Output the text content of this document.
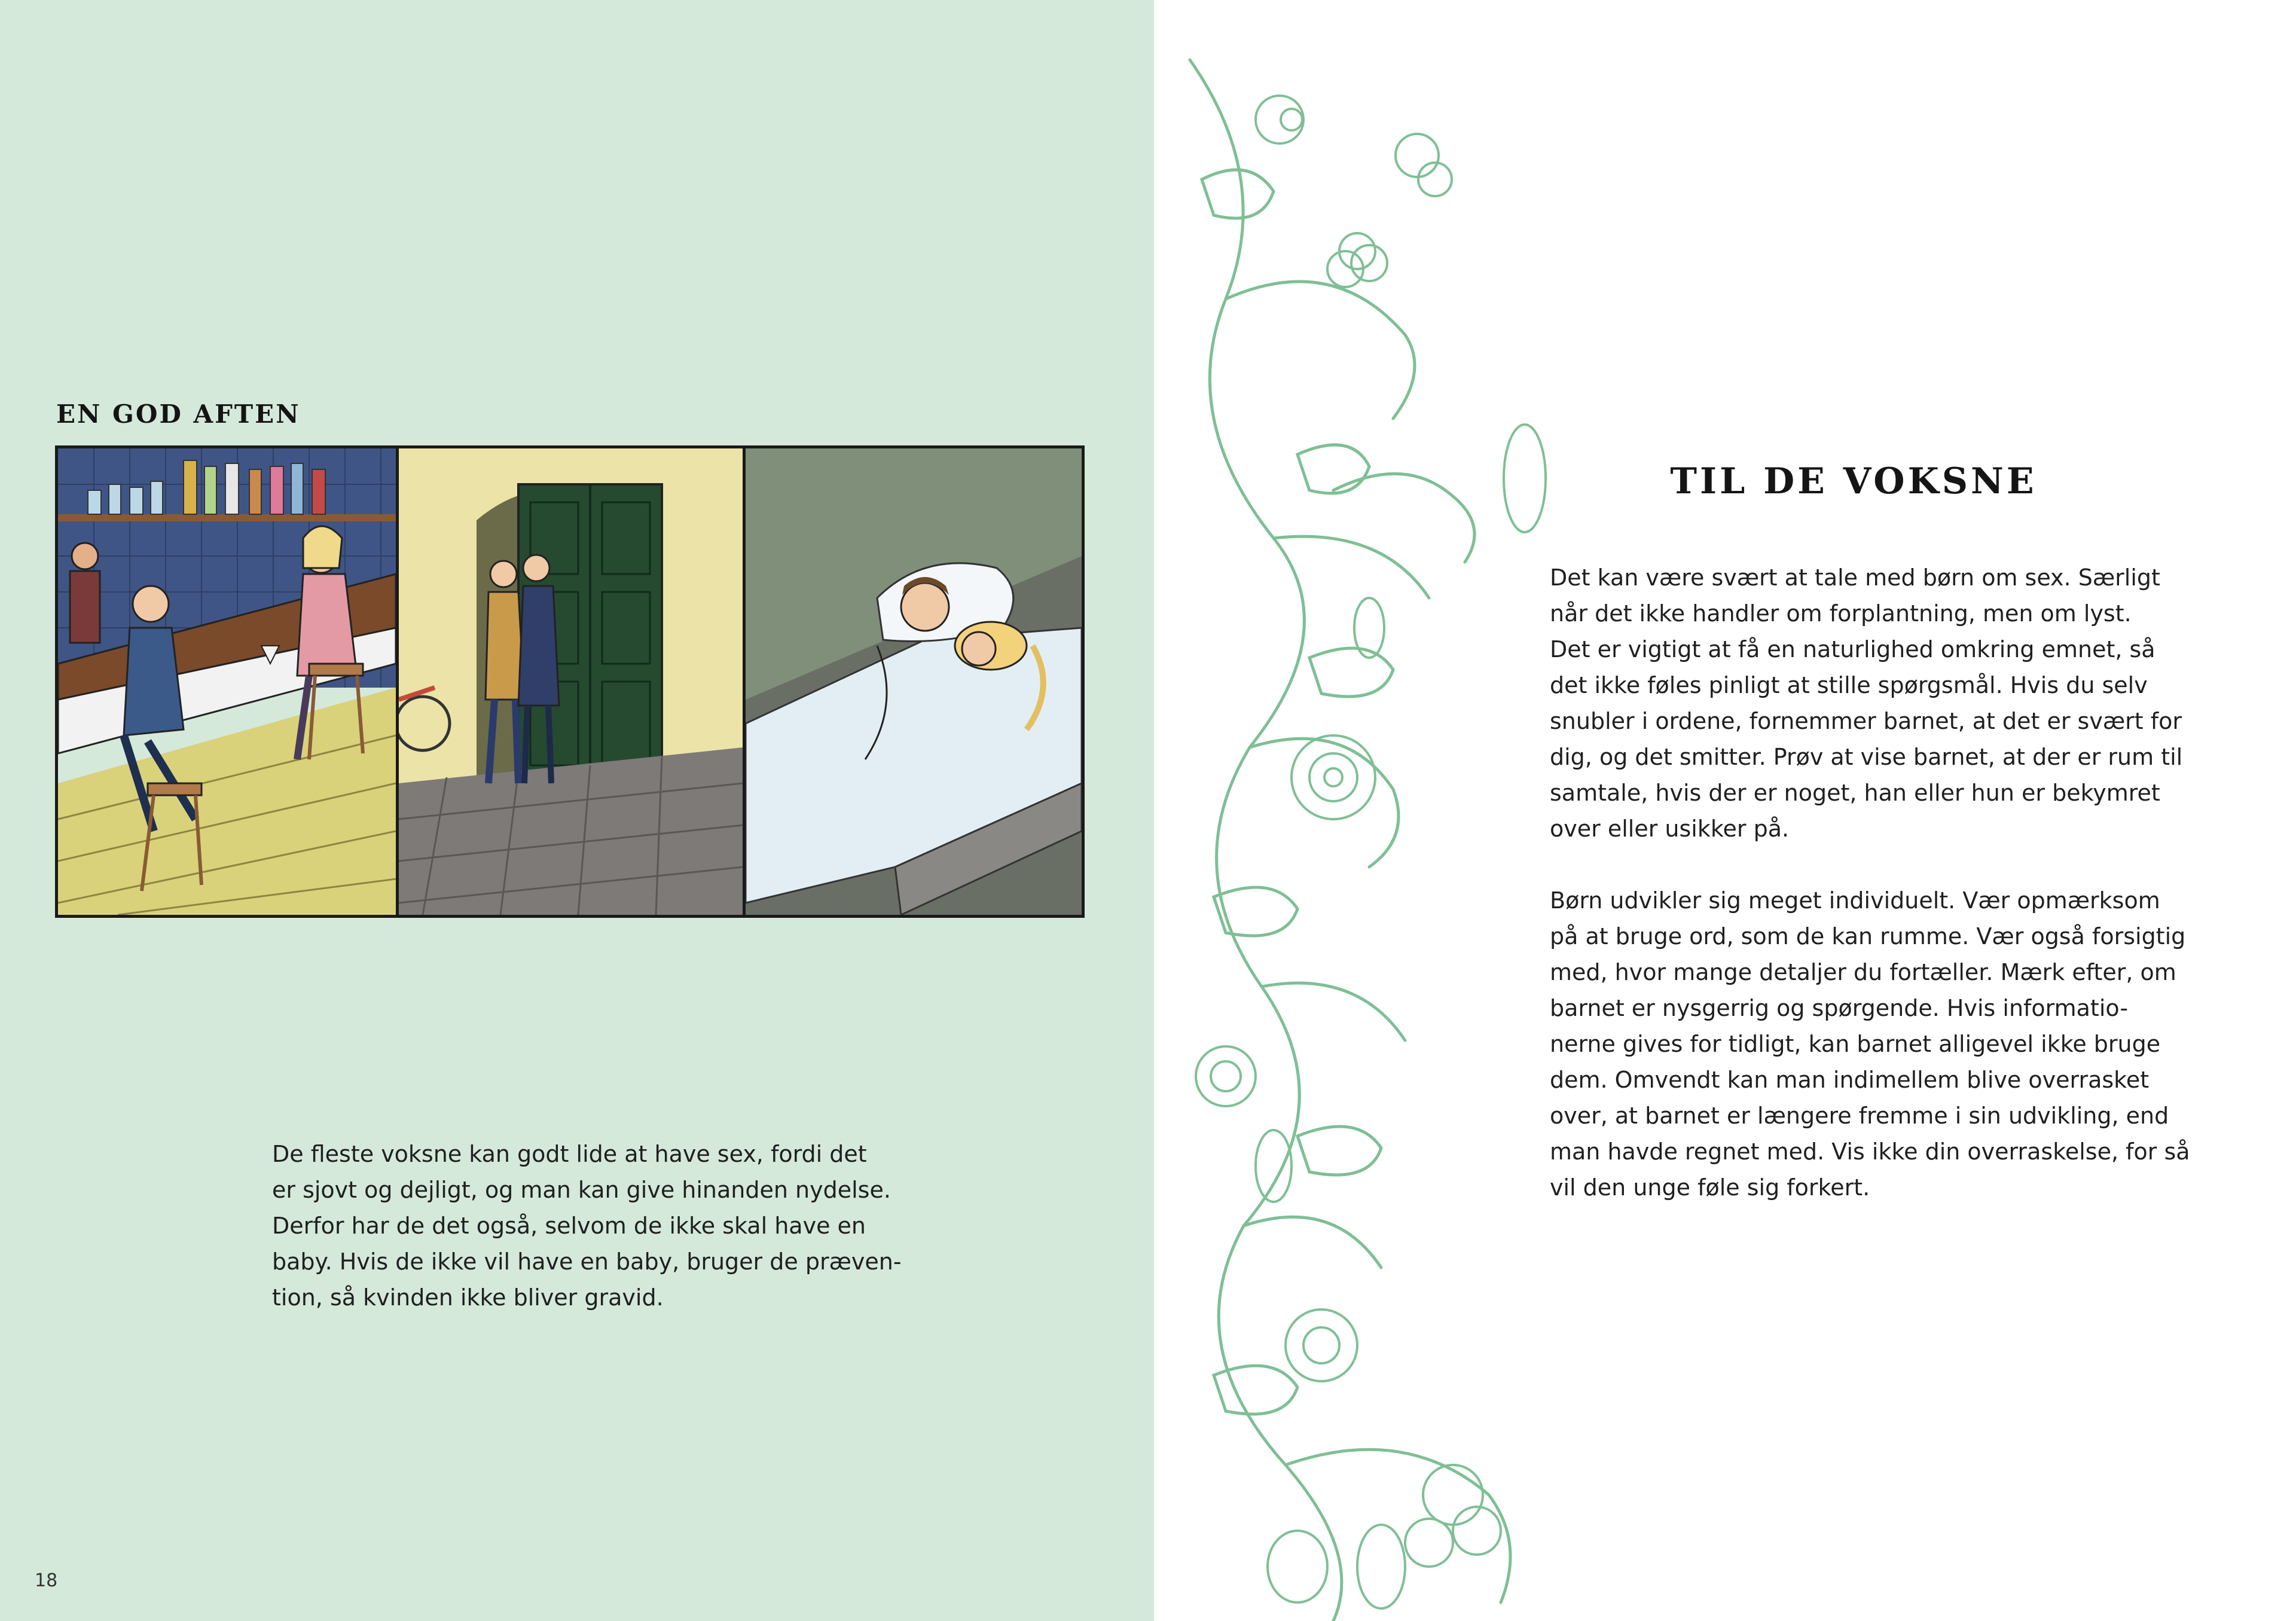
EN GOD AFTEN

De fleste voksne kan godt lide at have sex, fordi det
er sjovt og dejligt, og man kan give hinanden nydelse.
Derfor har de det også, selvom de ikke skal have en
baby. Hvis de ikke vil have en baby, bruger de præven-
tion, så kvinden ikke bliver gravid.

18
TIL DE VOKSNE

Det kan være svært at tale med børn om sex. Særligt
når det ikke handler om forplantning, men om lyst.
Det er vigtigt at få en naturlighed omkring emnet, så
det ikke føles pinligt at stille spørgsmål. Hvis du selv
snubler i ordene, fornemmer barnet, at det er svært for
dig, og det smitter. Prøv at vise barnet, at der er rum til
samtale, hvis der er noget, han eller hun er bekymret
over eller usikker på.

Børn udvikler sig meget individuelt. Vær opmærksom
på at bruge ord, som de kan rumme. Vær også forsigtig
med, hvor mange detaljer du fortæller. Mærk efter, om
barnet er nysgerrig og spørgende. Hvis informatio-
nerne gives for tidligt, kan barnet alligevel ikke bruge
dem. Omvendt kan man indimellem blive overrasket
over, at barnet er længere fremme i sin udvikling, end
man havde regnet med. Vis ikke din overraskelse, for så
vil den unge føle sig forkert.
